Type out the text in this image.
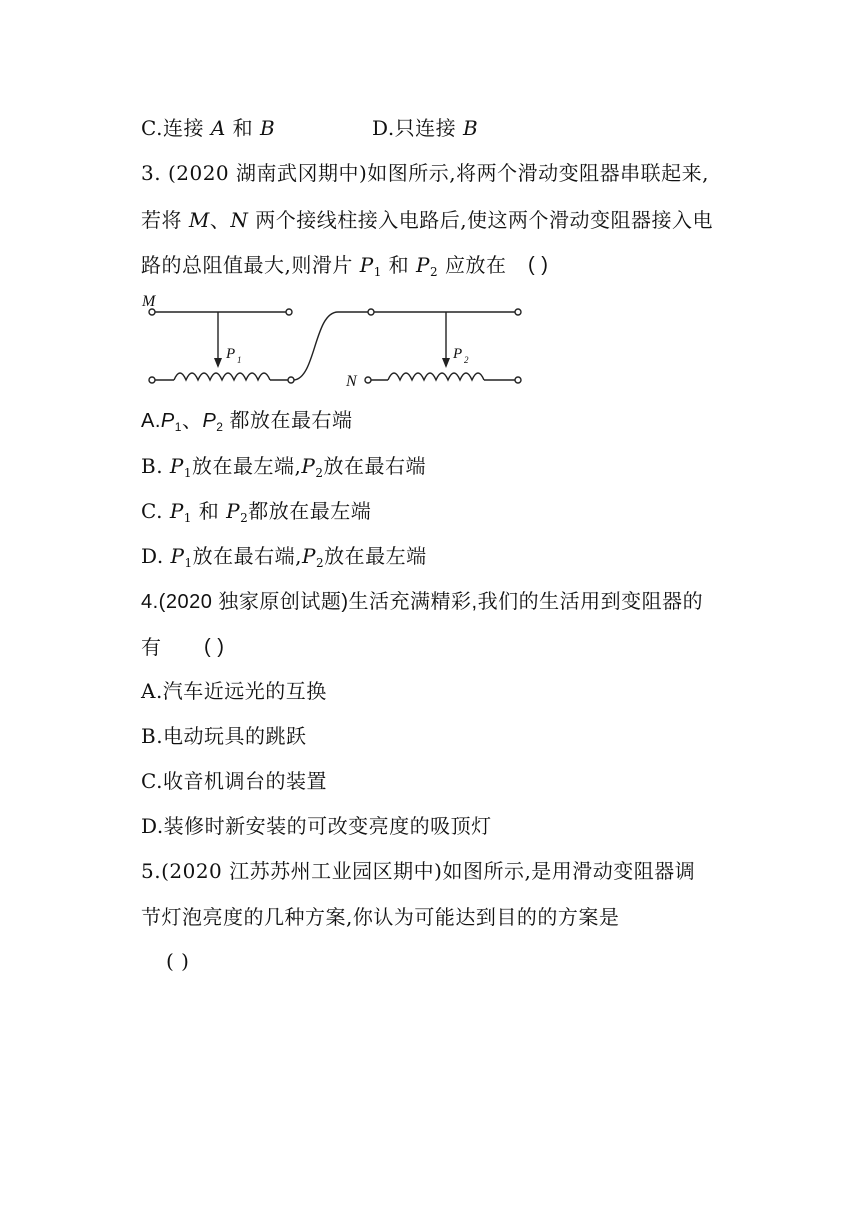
C.连接 A 和 B	D.只连接 B
3. (2020 湖南武冈期中)如图所示,将两个滑动变阻器串联起来,
若将 M、N 两个接线柱接入电路后,使这两个滑动变阻器接入电
路的总阻值最大,则滑片 $P_1$ 和 $P_2$ 应放在 ( )
M
P 1	P 2
N
$A.P_1$、$P_2$ 都放在最右端
B. $P_1$放在最左端$,P_2$放在最右端
C. $P_1$ 和 $P_2$都放在最左端
D. $P_1$放在最右端$,P_2$放在最左端
4.(2020 独家原创试题)生活充满精彩,我们的生活用到变阻器的
有 ( )
A.汽车近远光的互换
B.电动玩具的跳跃
C.收音机调台的装置
D.装修时新安装的可改变亮度的吸顶灯
5.(2020 江苏苏州工业园区期中)如图所示,是用滑动变阻器调
节灯泡亮度的几种方案,你认为可能达到目的的方案是
( )
